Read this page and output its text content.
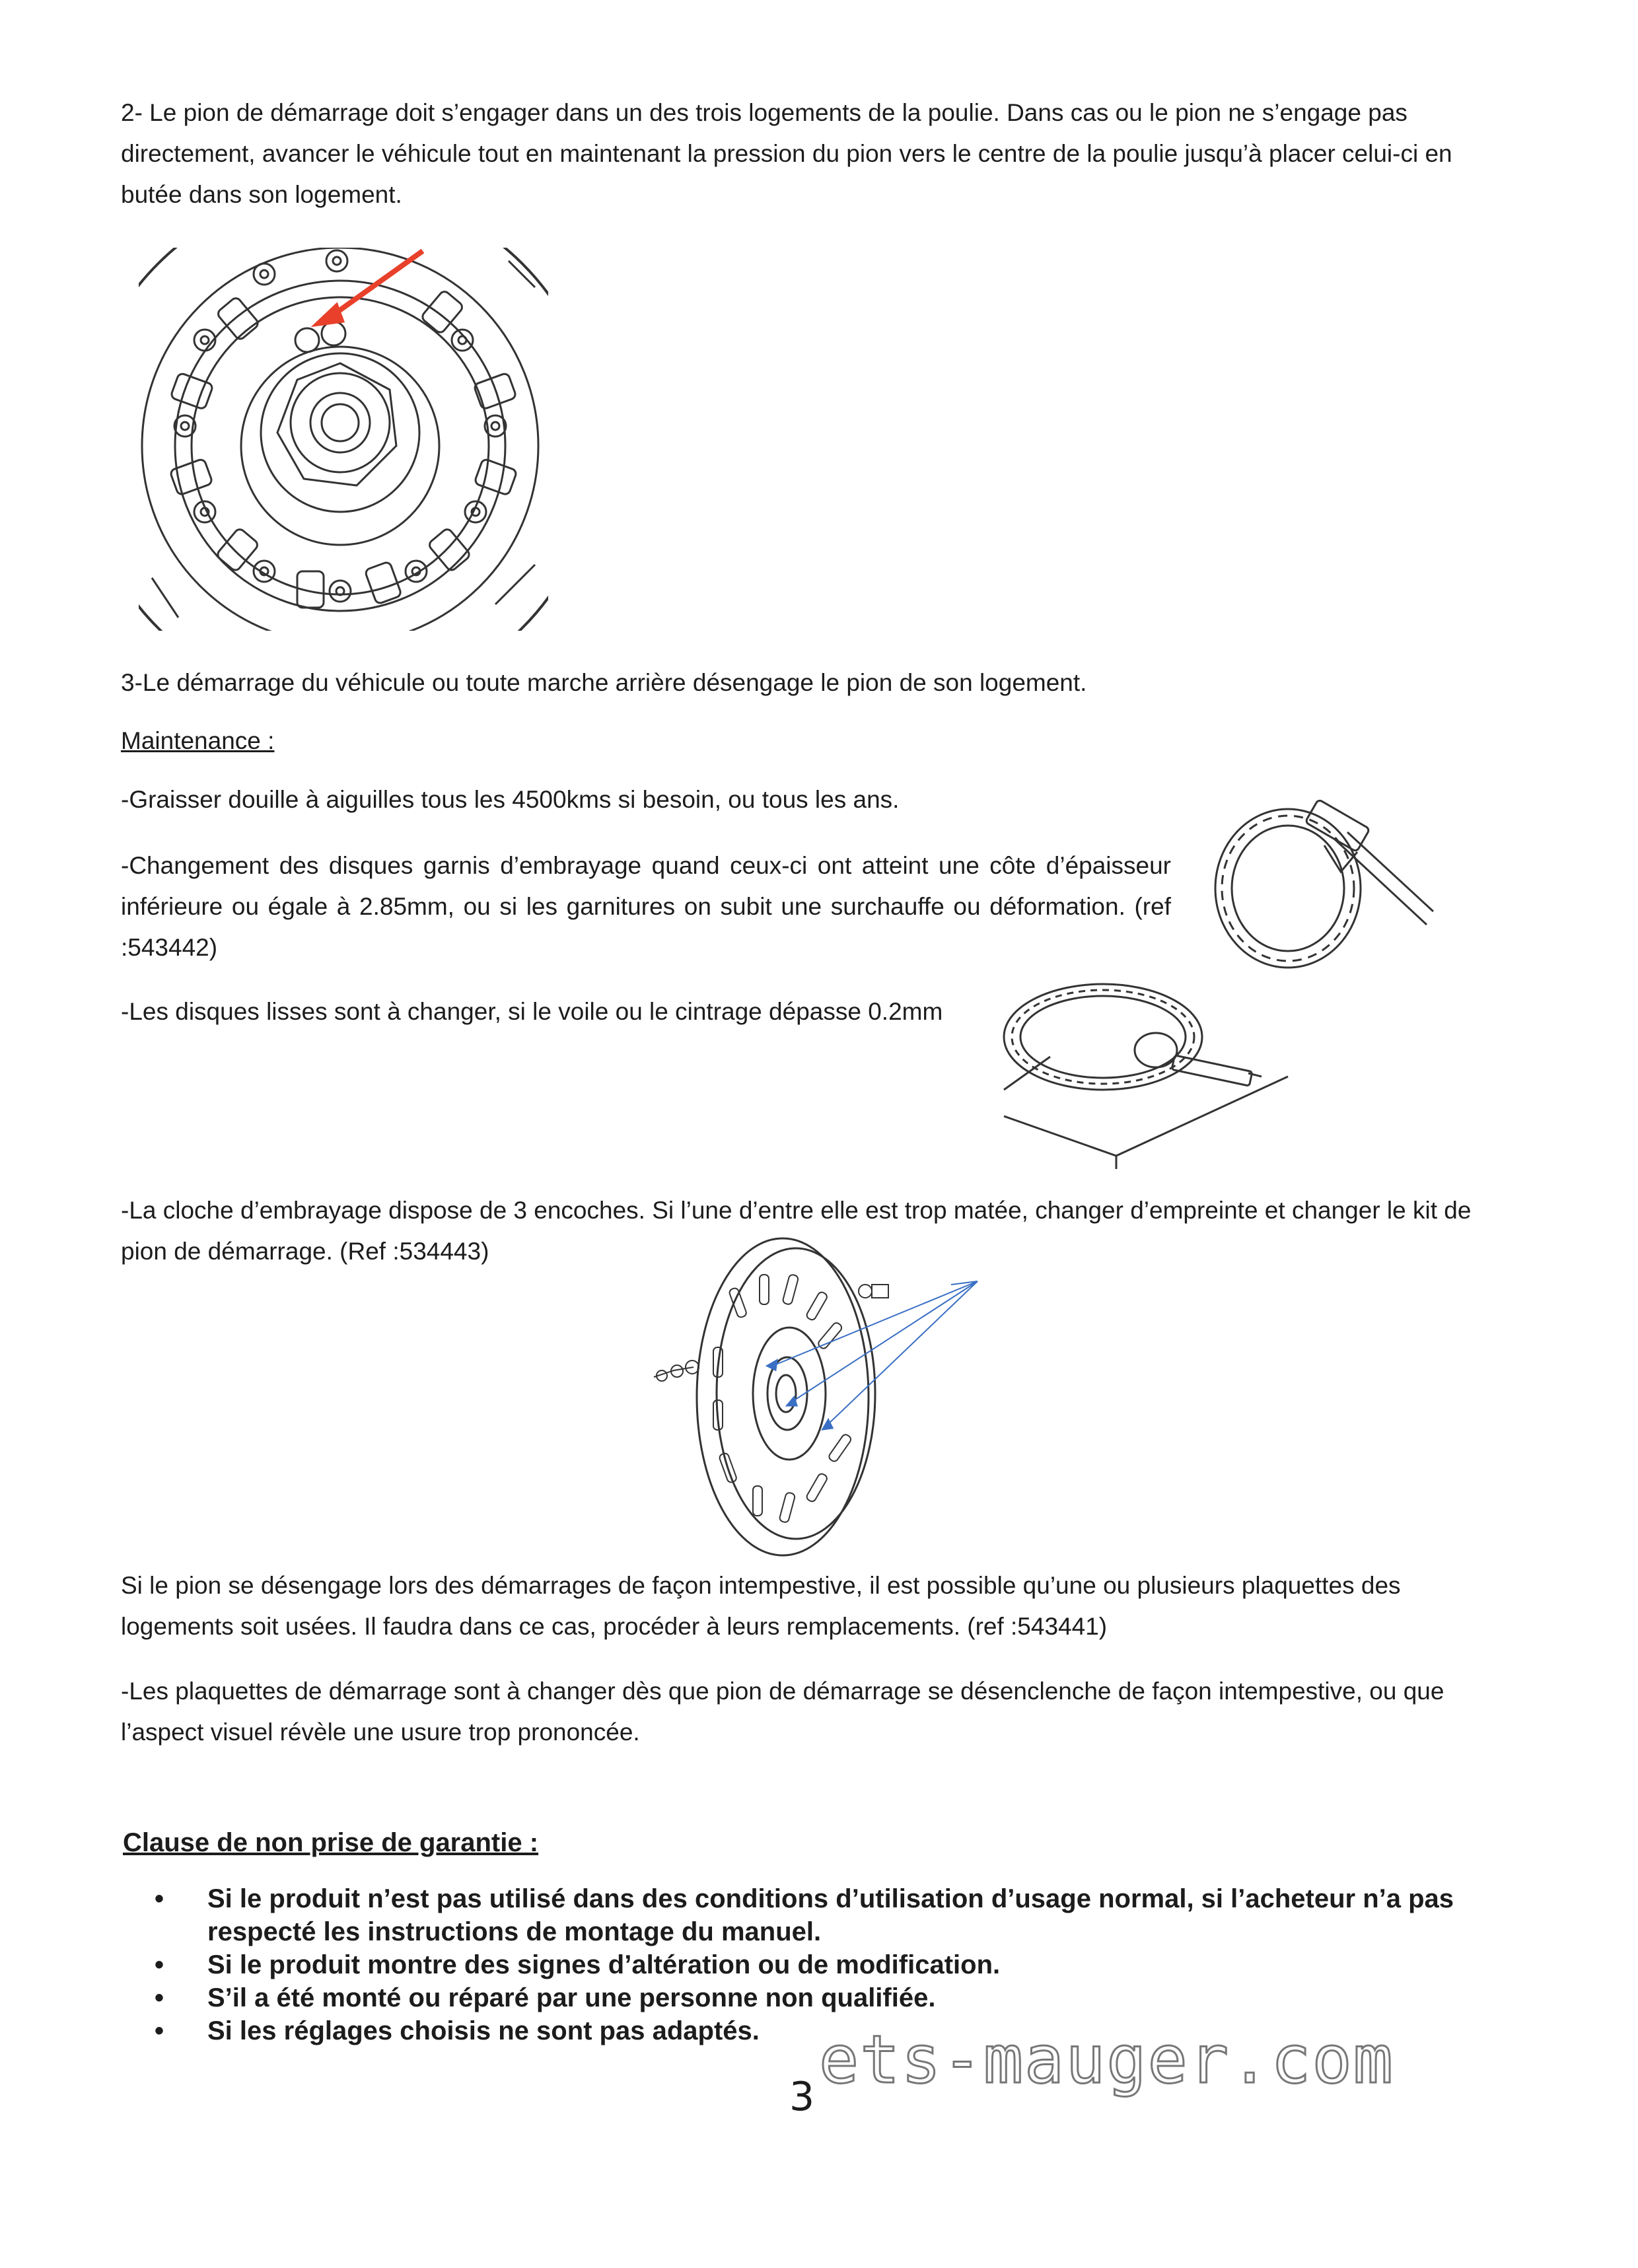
2- Le pion de démarrage doit s’engager dans un des trois logements de la poulie. Dans cas ou le pion ne s’engage pas directement, avancer le véhicule tout en maintenant la pression du pion vers le centre de la poulie jusqu’à placer celui-ci en butée dans son logement.

3-Le démarrage du véhicule ou toute marche arrière désengage le pion de son logement.

Maintenance :

-Graisser douille à aiguilles tous les 4500kms si besoin, ou tous les ans.

-Changement des disques garnis d’embrayage quand ceux-ci ont atteint une côte d’épaisseur inférieure ou égale à 2.85mm, ou si les garnitures on subit une surchauffe ou déformation. (ref :543442)

-Les disques lisses sont à changer, si le voile ou le cintrage dépasse 0.2mm

-La cloche d’embrayage dispose de 3 encoches. Si l’une d’entre elle est trop matée, changer d’empreinte et changer le kit de pion de démarrage. (Ref :534443)

Si le pion se désengage lors des démarrages de façon intempestive, il est possible qu’une ou plusieurs plaquettes des logements soit usées. Il faudra dans ce cas, procéder à leurs remplacements. (ref :543441)

-Les plaquettes de démarrage sont à changer dès que pion de démarrage se désenclenche de façon intempestive, ou que l’aspect visuel révèle une usure trop prononcée.

Clause de non prise de garantie :

• Si le produit n’est pas utilisé dans des conditions d’utilisation d’usage normal, si l’acheteur n’a pas respecté les instructions de montage du manuel.
• Si le produit montre des signes d’altération ou de modification.
• S’il a été monté ou réparé par une personne non qualifiée.
• Si les réglages choisis ne sont pas adaptés. ets-mauger.com
3
